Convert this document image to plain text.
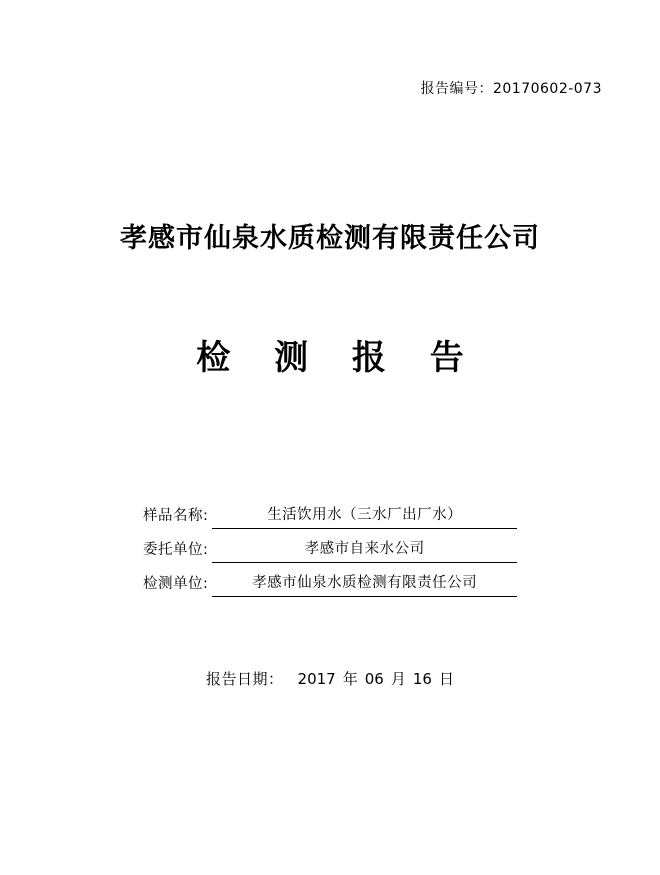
报告编号：20170602-073
孝感市仙泉水质检测有限责任公司
检 测 报 告
样品名称:	生活饮用水（三水厂出厂水）
委托单位:	孝感市自来水公司
检测单位:	孝感市仙泉水质检测有限责任公司
报告日期： 2017 年 06 月 16 日
